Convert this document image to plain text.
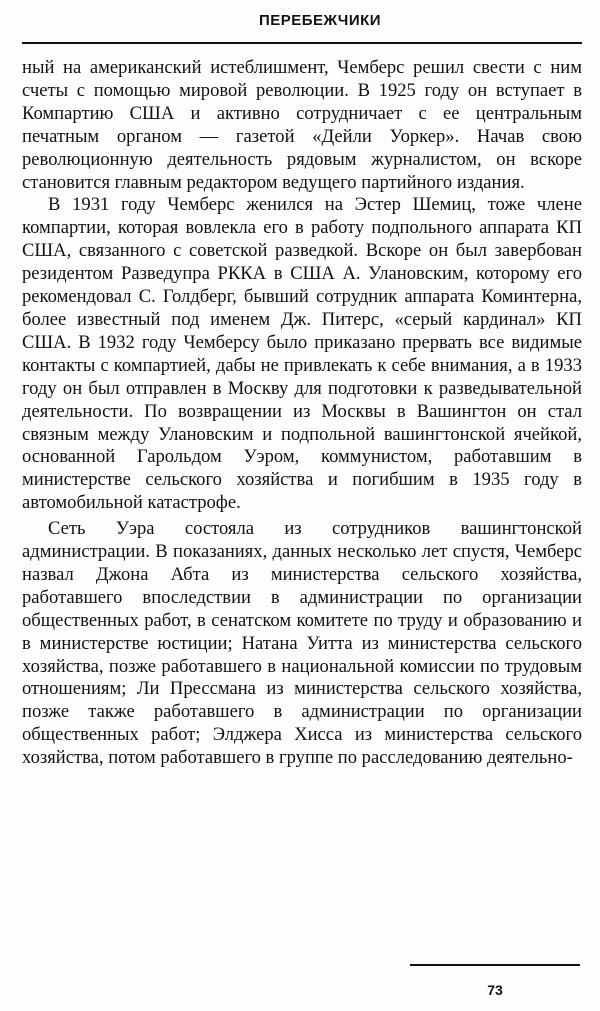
ПЕРЕБЕЖЧИКИ

ный на американский истеблишмент, Чемберс решил свести с ним счеты с помощью мировой революции. В 1925 году он вступает в Компартию США и активно сотрудничает с ее центральным печатным органом — газетой «Дейли Уоркер». Начав свою революционную деятельность рядовым журналистом, он вскоре становится главным редактором ведущего партийного издания.

В 1931 году Чемберс женился на Эстер Шемиц, тоже члене компартии, которая вовлекла его в работу подпольного аппарата КП США, связанного с советской разведкой. Вскоре он был завербован резидентом Разведупра РККА в США А. Улановским, которому его рекомендовал С. Голдберг, бывший сотрудник аппарата Коминтерна, более известный под именем Дж. Питерс, «серый кардинал» КП США. В 1932 году Чемберсу было приказано прервать все видимые контакты с компартией, дабы не привлекать к себе внимания, а в 1933 году он был отправлен в Москву для подготовки к разведывательной деятельности. По возвращении из Москвы в Вашингтон он стал связным между Улановским и подпольной вашингтонской ячейкой, основанной Гарольдом Уэром, коммунистом, работавшим в министерстве сельского хозяйства и погибшим в 1935 году в автомобильной катастрофе.

Сеть Уэра состояла из сотрудников вашингтонской администрации. В показаниях, данных несколько лет спустя, Чемберс назвал Джона Абта из министерства сельского хозяйства, работавшего впоследствии в администрации по организации общественных работ, в сенатском комитете по труду и образованию и в министерстве юстиции; Натана Уитта из министерства сельского хозяйства, позже работавшего в национальной комиссии по трудовым отношениям; Ли Прессмана из министерства сельского хозяйства, позже также работавшего в администрации по организации общественных работ; Элджера Хисса из министерства сельского хозяйства, потом работавшего в группе по расследованию деятельно-

73
